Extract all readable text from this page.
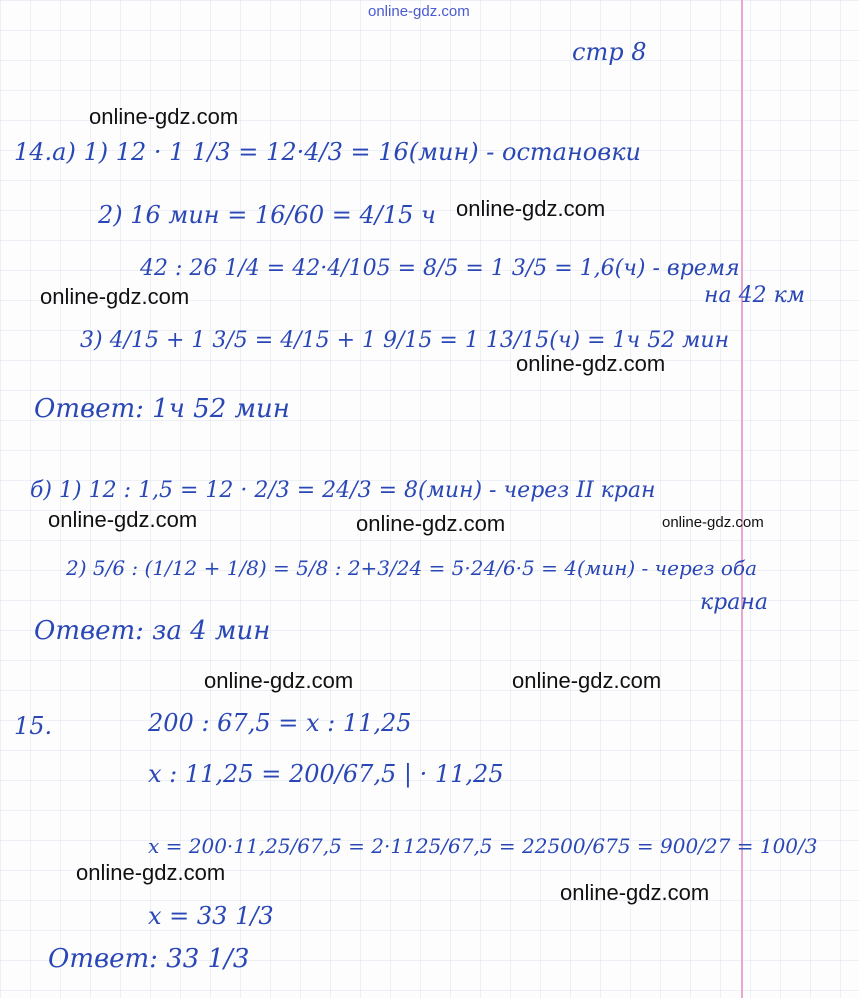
online-gdz.com
стр 8
online-gdz.com
14.а) 1) 12 · 1 1/3 = 12·4/3 = 16(мин) - остановки
2) 16 мин = 16/60 = 4/15 ч online-gdz.com
42 : 26 1/4 = 42·4/105 = 8/5 = 1 3/5 = 1,6(ч) - время
на 42 км
online-gdz.com
3) 4/15 + 1 3/5 = 4/15 + 1 9/15 = 1 13/15(ч) = 1ч 52 мин
online-gdz.com
Ответ: 1ч 52 мин
б) 1) 12 : 1,5 = 12 · 2/3 = 24/3 = 8(мин) - через II кран
online-gdz.com	online-gdz.com	online-gdz.com
2) 5/6 : (1/12 + 1/8) = 5/8 : 2+3/24 = 5·24/6·5 = 4(мин) - через оба
крана
Ответ: за 4 мин
online-gdz.com	online-gdz.com
15.	200 : 67,5 = x : 11,25
x : 11,25 = 200/67,5 | · 11,25
x = 200·11,25/67,5 = 2·1125/67,5 = 22500/675 = 900/27 = 100/3
online-gdz.com
online-gdz.com
x = 33 1/3
Ответ: 33 1/3
